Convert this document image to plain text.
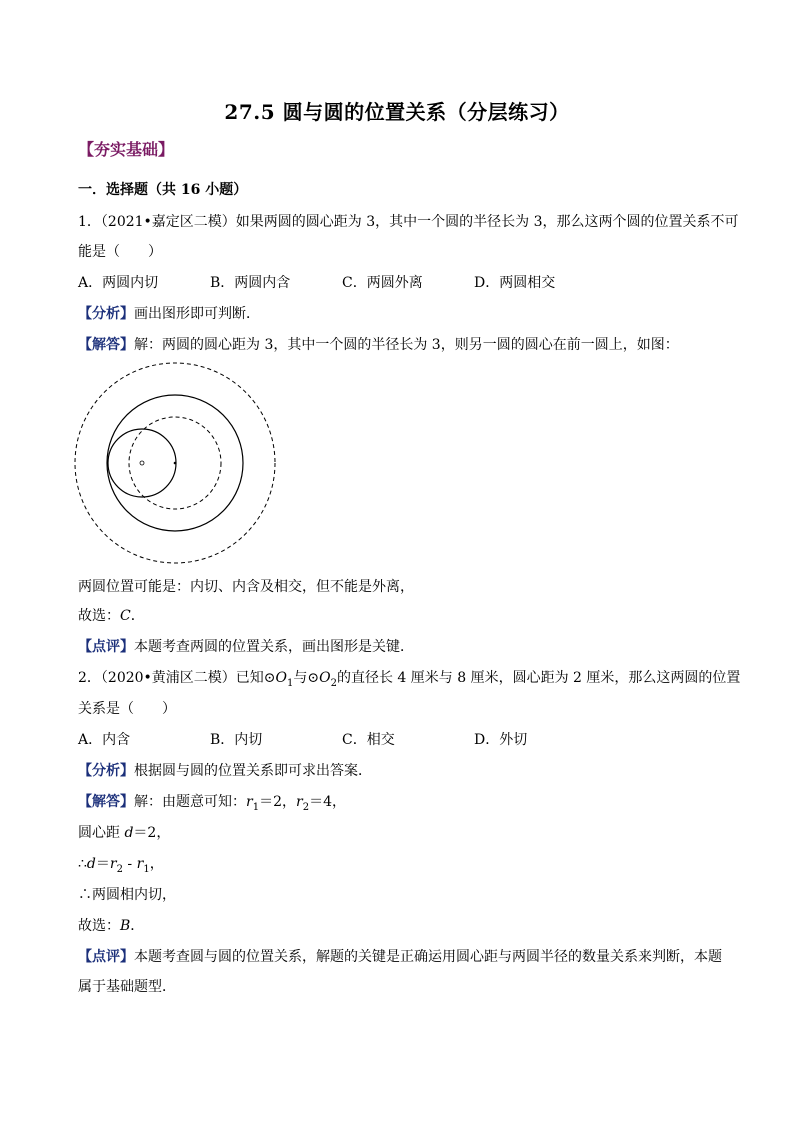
27.5 圆与圆的位置关系（分层练习）
【夯实基础】
一．选择题（共 16 小题）
1．（2021•嘉定区二模）如果两圆的圆心距为 3，其中一个圆的半径长为 3，那么这两个圆的位置关系不可
能是（　　）
A．两圆内切	B．两圆内含	C．两圆外离	D．两圆相交
【分析】画出图形即可判断．
【解答】解：两圆的圆心距为 3，其中一个圆的半径长为 3，则另一圆的圆心在前一圆上，如图：
两圆位置可能是：内切、内含及相交，但不能是外离，
故选：C．
【点评】本题考查两圆的位置关系，画出图形是关键．
2．（2020•黄浦区二模）已知$⊙O_1$与$⊙O_2$的直径长 4 厘米与 8 厘米，圆心距为 2 厘米，那么这两圆的位置
关系是（　　）
A．内含	B．内切	C．相交	D．外切
【分析】根据圆与圆的位置关系即可求出答案．
【解答】解：由题意可知：$r_1=2$，$r_2=4$，
圆心距 d＝2，
$\therefore d=r_2 - r_1$，
∴两圆相内切，
故选：B．
【点评】本题考查圆与圆的位置关系，解题的关键是正确运用圆心距与两圆半径的数量关系来判断，本题
属于基础题型．
